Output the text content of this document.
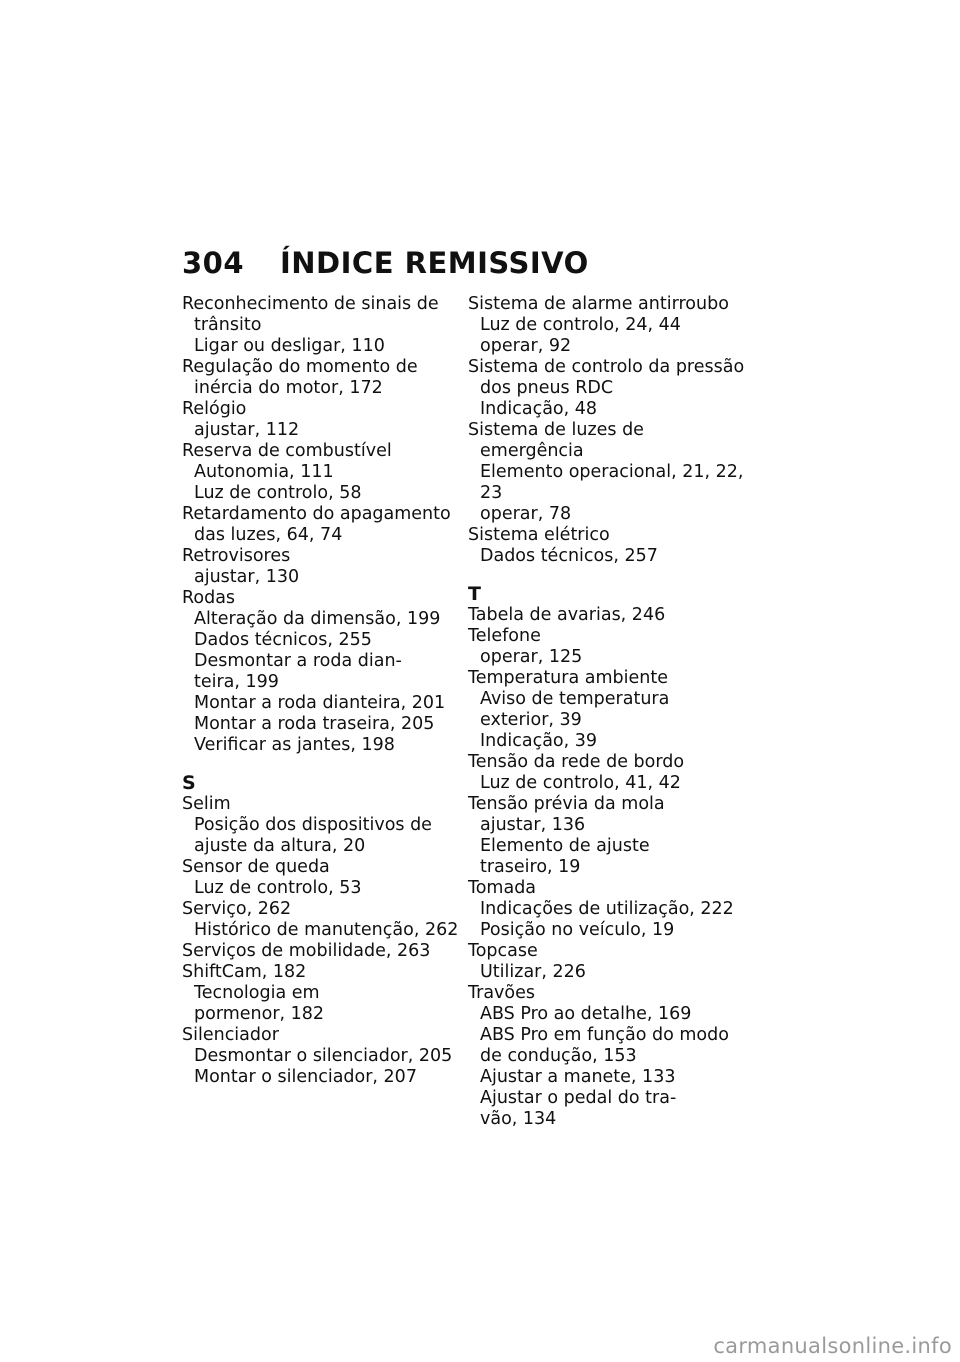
304	ÍNDICE REMISSIVO
Reconhecimento de sinais de
trânsito
Ligar ou desligar, 110
Regulação do momento de
inércia do motor, 172
Relógio
ajustar, 112
Reserva de combustível
Autonomia, 111
Luz de controlo, 58
Retardamento do apagamento
das luzes, 64, 74
Retrovisores
ajustar, 130
Rodas
Alteração da dimensão, 199
Dados técnicos, 255
Desmontar a roda dian-
teira, 199
Montar a roda dianteira, 201
Montar a roda traseira, 205
Verificar as jantes, 198
S
Selim
Posição dos dispositivos de
ajuste da altura, 20
Sensor de queda
Luz de controlo, 53
Serviço, 262
Histórico de manutenção, 262
Serviços de mobilidade, 263
ShiftCam, 182
Tecnologia em
pormenor, 182
Silenciador
Desmontar o silenciador, 205
Montar o silenciador, 207
Sistema de alarme antirroubo
Luz de controlo, 24, 44
operar, 92
Sistema de controlo da pressão
dos pneus RDC
Indicação, 48
Sistema de luzes de
emergência
Elemento operacional, 21, 22,
23
operar, 78
Sistema elétrico
Dados técnicos, 257
T
Tabela de avarias, 246
Telefone
operar, 125
Temperatura ambiente
Aviso de temperatura
exterior, 39
Indicação, 39
Tensão da rede de bordo
Luz de controlo, 41, 42
Tensão prévia da mola
ajustar, 136
Elemento de ajuste
traseiro, 19
Tomada
Indicações de utilização, 222
Posição no veículo, 19
Topcase
Utilizar, 226
Travões
ABS Pro ao detalhe, 169
ABS Pro em função do modo
de condução, 153
Ajustar a manete, 133
Ajustar o pedal do tra-
vão, 134
carmanualsonline.info
